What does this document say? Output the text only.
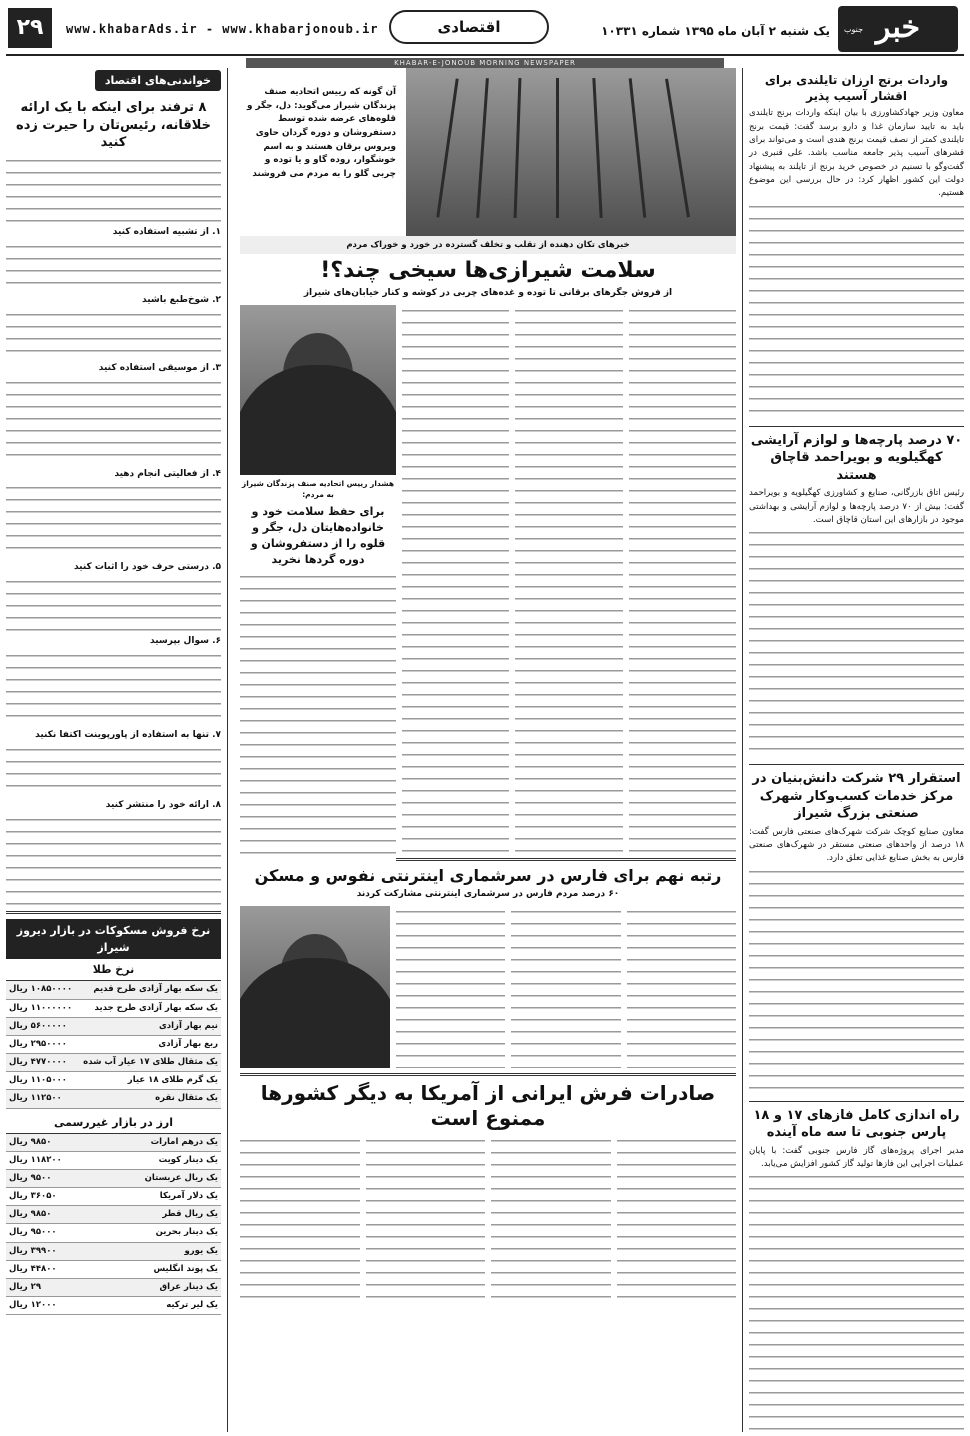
جنوب خبر
یک شنبه ۲ آبان ماه ۱۳۹۵ شماره ۱۰۳۳۱
اقتصادی
www.khabarAds.ir - www.khabarjonoub.ir
۲۹
KHABAR-E-JONOUB MORNING NEWSPAPER
واردات برنج ارزان تایلندی برای اقشار آسیب پذیر

معاون وزیر جهادکشاورزی با بیان اینکه واردات برنج تایلندی باید به تایید سازمان غذا و دارو برسد گفت: قیمت برنج تایلندی کمتر از نصف قیمت برنج هندی است و می‌تواند برای قشرهای آسیب پذیر جامعه مناسب باشد. علی قنبری در گفت‌وگو با تسنیم در خصوص خرید برنج از تایلند به پیشنهاد دولت این کشور اظهار کرد: در حال بررسی این موضوع هستیم.

۷۰ درصد پارچه‌ها و لوازم آرایشی کهگیلویه و بویراحمد قاچاق هستند

رئیس اتاق بازرگانی، صنایع و کشاورزی کهگیلویه و بویراحمد گفت: بیش از ۷۰ درصد پارچه‌ها و لوازم آرایشی و بهداشتی موجود در بازارهای این استان قاچاق است.

استقرار ۲۹ شرکت دانش‌بنیان در مرکز خدمات کسب‌وکار شهرک صنعتی بزرگ شیراز

معاون صنایع کوچک شرکت شهرک‌های صنعتی فارس گفت: ۱۸ درصد از واحدهای صنعتی مستقر در شهرک‌های صنعتی فارس به بخش صنایع غذایی تعلق دارد.

راه اندازی کامل فازهای ۱۷ و ۱۸ پارس جنوبی تا سه ماه آینده

مدیر اجرای پروژه‌های گاز فارس جنوبی گفت: با پایان عملیات اجرایی این فازها تولید گاز کشور افزایش می‌یابد.

آن گونه که رییس اتحادیه صنف پزندگان شیراز می‌گوید: دل، جگر و قلوه‌های عرضه شده توسط دستفروشان و دوره گردان حاوی ویروس برقان هستند و به اسم خوشگوار، روده گاو و یا توده و چربی گلو را به مردم می فروشند

خبرهای تکان دهنده از تقلب و تخلف گسترده در خورد و خوراک مردم
سلامت شیرازی‌ها سیخی چند؟!
از فروش جگرهای برقانی تا توده و غده‌های چربی در کوشه و کنار خیابان‌های شیراز
هشدار رییس اتحادیه صنف پزندگان شیراز به مردم:
برای حفظ سلامت خود و خانواده‌هایتان دل، جگر و قلوه را از دستفروشان و دوره گردها نخرید
رتبه نهم برای فارس در سرشماری اینترنتی نفوس و مسکن
۶۰ درصد مردم فارس در سرشماری اینترنتی مشارکت کردند
صادرات فرش ایرانی از آمریکا به دیگر کشورها ممنوع است
خواندنی‌های اقتصاد
۸ ترفند برای اینکه با یک ارائه خلاقانه، رئیس‌تان را حیرت زده کنید
۱. از تشبیه استفاده کنید
۲. شوخ‌طبع باشید
۳. از موسیقی استفاده کنید
۴. از فعالیتی انجام دهید
۵. درستی حرف خود را اثبات کنید
۶. سوال بپرسید
۷. تنها به استفاده از پاورپوینت اکتفا نکنید
۸. ارائه خود را منتشر کنید
نرخ فروش مسکوکات در بازار دیروز شیراز
نرخ طلا
یک سکه بهار آزادی طرح قدیم
۱۰۸۵۰۰۰۰ ریال
یک سکه بهار آزادی طرح جدید
۱۱۰۰۰۰۰۰ ریال
نیم بهار آزادی
۵۶۰۰۰۰۰ ریال
ربع بهار آزادی
۲۹۵۰۰۰۰ ریال
یک مثقال طلای ۱۷ عیار آب شده
۴۷۷۰۰۰۰ ریال
یک گرم طلای ۱۸ عیار
۱۱۰۵۰۰۰ ریال
یک مثقال نقره
۱۱۲۵۰۰ ریال
ارز در بازار غیررسمی
یک درهم امارات
۹۸۵۰ ریال
یک دینار کویت
۱۱۸۲۰۰ ریال
یک ریال عربستان
۹۵۰۰ ریال
یک دلار آمریکا
۳۶۰۵۰ ریال
یک ریال قطر
۹۸۵۰ ریال
یک دینار بحرین
۹۵۰۰۰ ریال
یک یورو
۳۹۹۰۰ ریال
یک پوند انگلیس
۴۴۸۰۰ ریال
یک دینار عراق
۲۹ ریال
یک لیر ترکیه
۱۲۰۰۰ ریال
